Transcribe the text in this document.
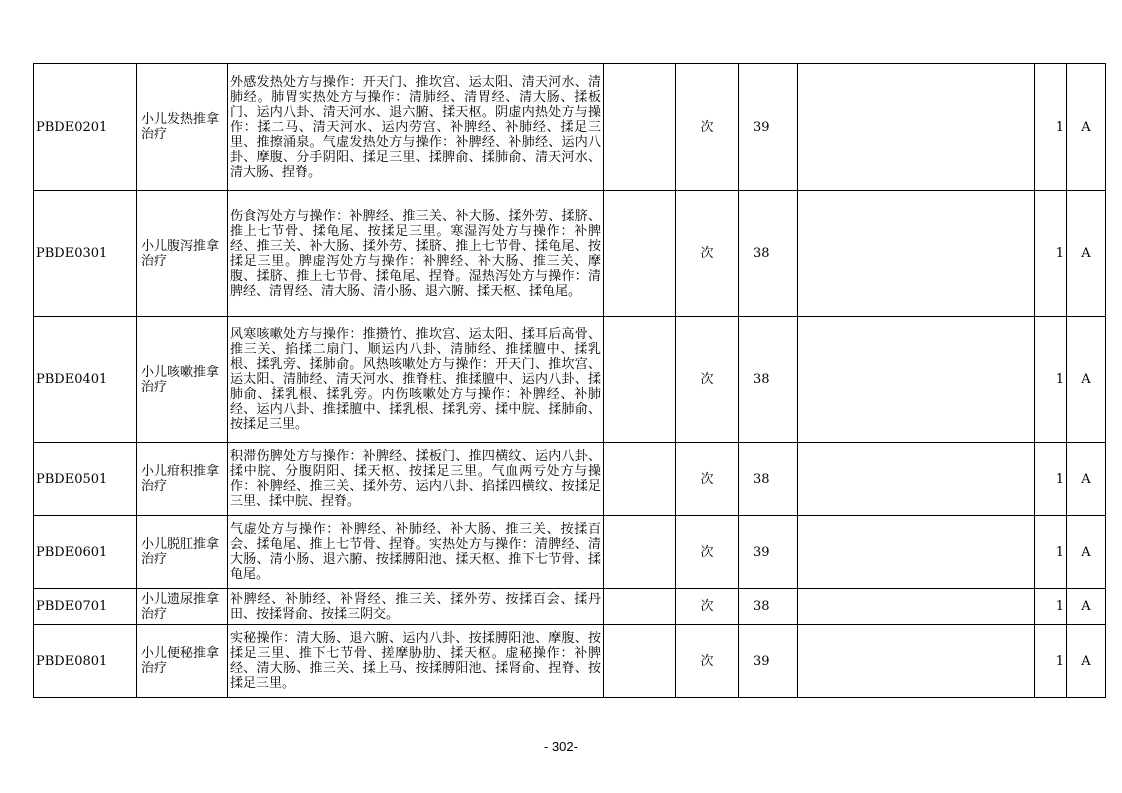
PBDE0201	小儿发热推拿治疗	外感发热处方与操作：开天门、推坎宫、运太阳、清天河水、清肺经。肺胃实热处方与操作：清肺经、清胃经、清大肠、揉板门、运内八卦、清天河水、退六腑、揉天枢。阴虚内热处方与操作：揉二马、清天河水、运内劳宫、补脾经、补肺经、揉足三里、推擦涌泉。气虚发热处方与操作：补脾经、补肺经、运内八卦、摩腹、分手阴阳、揉足三里、揉脾俞、揉肺俞、清天河水、清大肠、捏脊。		次	39		1	A
PBDE0301	小儿腹泻推拿治疗	伤食泻处方与操作：补脾经、推三关、补大肠、揉外劳、揉脐、推上七节骨、揉龟尾、按揉足三里。寒湿泻处方与操作：补脾经、推三关、补大肠、揉外劳、揉脐、推上七节骨、揉龟尾、按揉足三里。脾虚泻处方与操作：补脾经、补大肠、推三关、摩腹、揉脐、推上七节骨、揉龟尾、捏脊。湿热泻处方与操作：清脾经、清胃经、清大肠、清小肠、退六腑、揉天枢、揉龟尾。		次	38		1	A
PBDE0401	小儿咳嗽推拿治疗	风寒咳嗽处方与操作：推攒竹、推坎宫、运太阳、揉耳后高骨、推三关、掐揉二扇门、顺运内八卦、清肺经、推揉膻中、揉乳根、揉乳旁、揉肺俞。风热咳嗽处方与操作：开天门、推坎宫、运太阳、清肺经、清天河水、推脊柱、推揉膻中、运内八卦、揉肺俞、揉乳根、揉乳旁。内伤咳嗽处方与操作：补脾经、补肺经、运内八卦、推揉膻中、揉乳根、揉乳旁、揉中脘、揉肺俞、按揉足三里。		次	38		1	A
PBDE0501	小儿疳积推拿治疗	积滞伤脾处方与操作：补脾经、揉板门、推四横纹、运内八卦、揉中脘、分腹阴阳、揉天枢、按揉足三里。气血两亏处方与操作：补脾经、推三关、揉外劳、运内八卦、掐揉四横纹、按揉足三里、揉中脘、捏脊。		次	38		1	A
PBDE0601	小儿脱肛推拿治疗	气虚处方与操作：补脾经、补肺经、补大肠、推三关、按揉百会、揉龟尾、推上七节骨、捏脊。实热处方与操作：清脾经、清大肠、清小肠、退六腑、按揉膊阳池、揉天枢、推下七节骨、揉龟尾。		次	39		1	A
PBDE0701	小儿遗尿推拿治疗	补脾经、补肺经、补肾经、推三关、揉外劳、按揉百会、揉丹田、按揉肾俞、按揉三阴交。		次	38		1	A
PBDE0801	小儿便秘推拿治疗	实秘操作：清大肠、退六腑、运内八卦、按揉膊阳池、摩腹、按揉足三里、推下七节骨、搓摩胁肋、揉天枢。虚秘操作：补脾经、清大肠、推三关、揉上马、按揉膊阳池、揉肾俞、捏脊、按揉足三里。		次	39		1	A
- 302-
